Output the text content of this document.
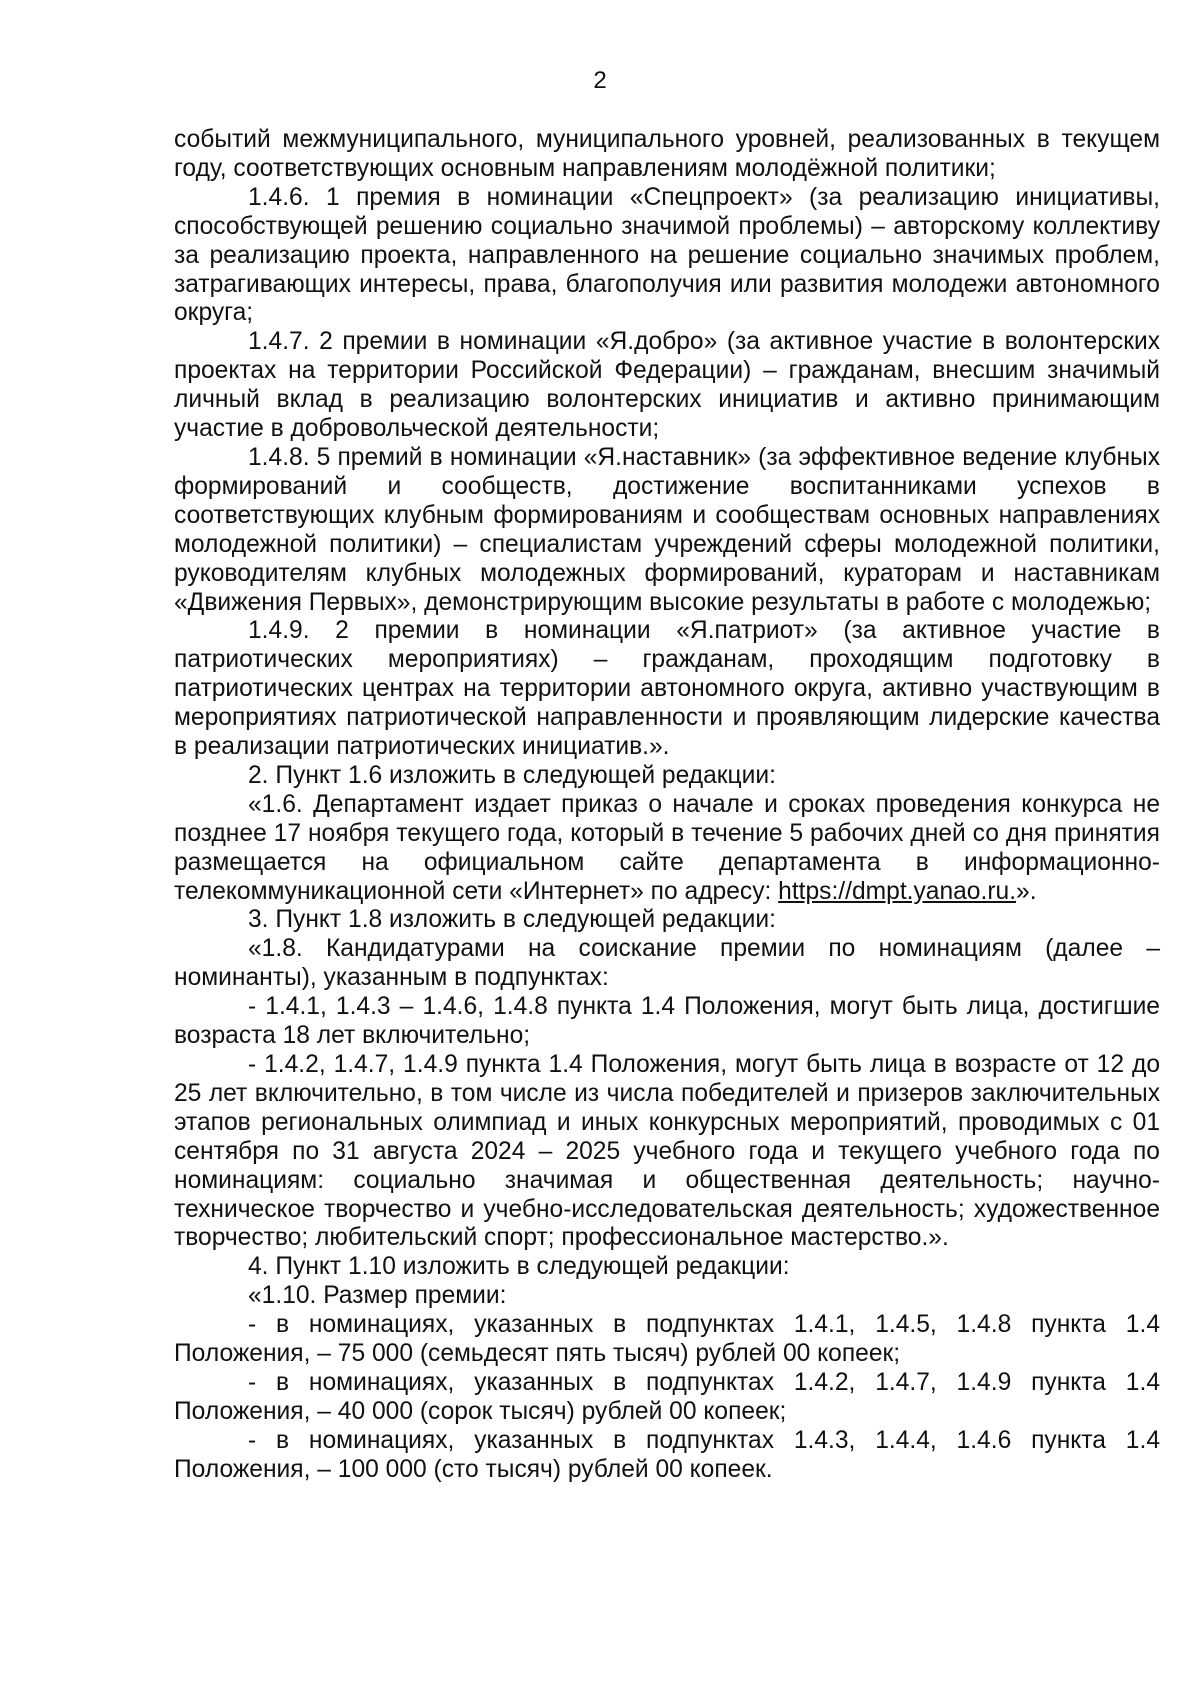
2

событий межмуниципального, муниципального уровней, реализованных в текущем году, соответствующих основным направлениям молодёжной политики;

1.4.6. 1 премия в номинации «Спецпроект» (за реализацию инициативы, способствующей решению социально значимой проблемы) – авторскому коллективу за реализацию проекта, направленного на решение социально значимых проблем, затрагивающих интересы, права, благополучия или развития молодежи автономного округа;

1.4.7. 2 премии в номинации «Я.добро» (за активное участие в волонтерских проектах на территории Российской Федерации) – гражданам, внесшим значимый личный вклад в реализацию волонтерских инициатив и активно принимающим участие в добровольческой деятельности;

1.4.8. 5 премий в номинации «Я.наставник» (за эффективное ведение клубных формирований и сообществ, достижение воспитанниками успехов в соответствующих клубным формированиям и сообществам основных направлениях молодежной политики) – специалистам учреждений сферы молодежной политики, руководителям клубных молодежных формирований, кураторам и наставникам «Движения Первых», демонстрирующим высокие результаты в работе с молодежью;

1.4.9. 2 премии в номинации «Я.патриот» (за активное участие в патриотических мероприятиях) – гражданам, проходящим подготовку в патриотических центрах на территории автономного округа, активно участвующим в мероприятиях патриотической направленности и проявляющим лидерские качества в реализации патриотических инициатив.».

2. Пункт 1.6 изложить в следующей редакции:

«1.6. Департамент издает приказ о начале и сроках проведения конкурса не позднее 17 ноября текущего года, который в течение 5 рабочих дней со дня принятия размещается на официальном сайте департамента в информационно-телекоммуникационной сети «Интернет» по адресу: https://dmpt.yanao.ru.».

3. Пункт 1.8 изложить в следующей редакции:

«1.8. Кандидатурами на соискание премии по номинациям (далее – номинанты), указанным в подпунктах:

- 1.4.1, 1.4.3 – 1.4.6, 1.4.8 пункта 1.4 Положения, могут быть лица, достигшие возраста 18 лет включительно;

- 1.4.2, 1.4.7, 1.4.9 пункта 1.4 Положения, могут быть лица в возрасте от 12 до 25 лет включительно, в том числе из числа победителей и призеров заключительных этапов региональных олимпиад и иных конкурсных мероприятий, проводимых с 01 сентября по 31 августа 2024 – 2025 учебного года и текущего учебного года по номинациям: социально значимая и общественная деятельность; научно-техническое творчество и учебно-исследовательская деятельность; художественное творчество; любительский спорт; профессиональное мастерство.».

4. Пункт 1.10 изложить в следующей редакции:

«1.10. Размер премии:

- в номинациях, указанных в подпунктах 1.4.1, 1.4.5, 1.4.8 пункта 1.4 Положения, – 75 000 (семьдесят пять тысяч) рублей 00 копеек;

- в номинациях, указанных в подпунктах 1.4.2, 1.4.7, 1.4.9 пункта 1.4 Положения, – 40 000 (сорок тысяч) рублей 00 копеек;

- в номинациях, указанных в подпунктах 1.4.3, 1.4.4, 1.4.6 пункта 1.4 Положения, – 100 000 (сто тысяч) рублей 00 копеек.
